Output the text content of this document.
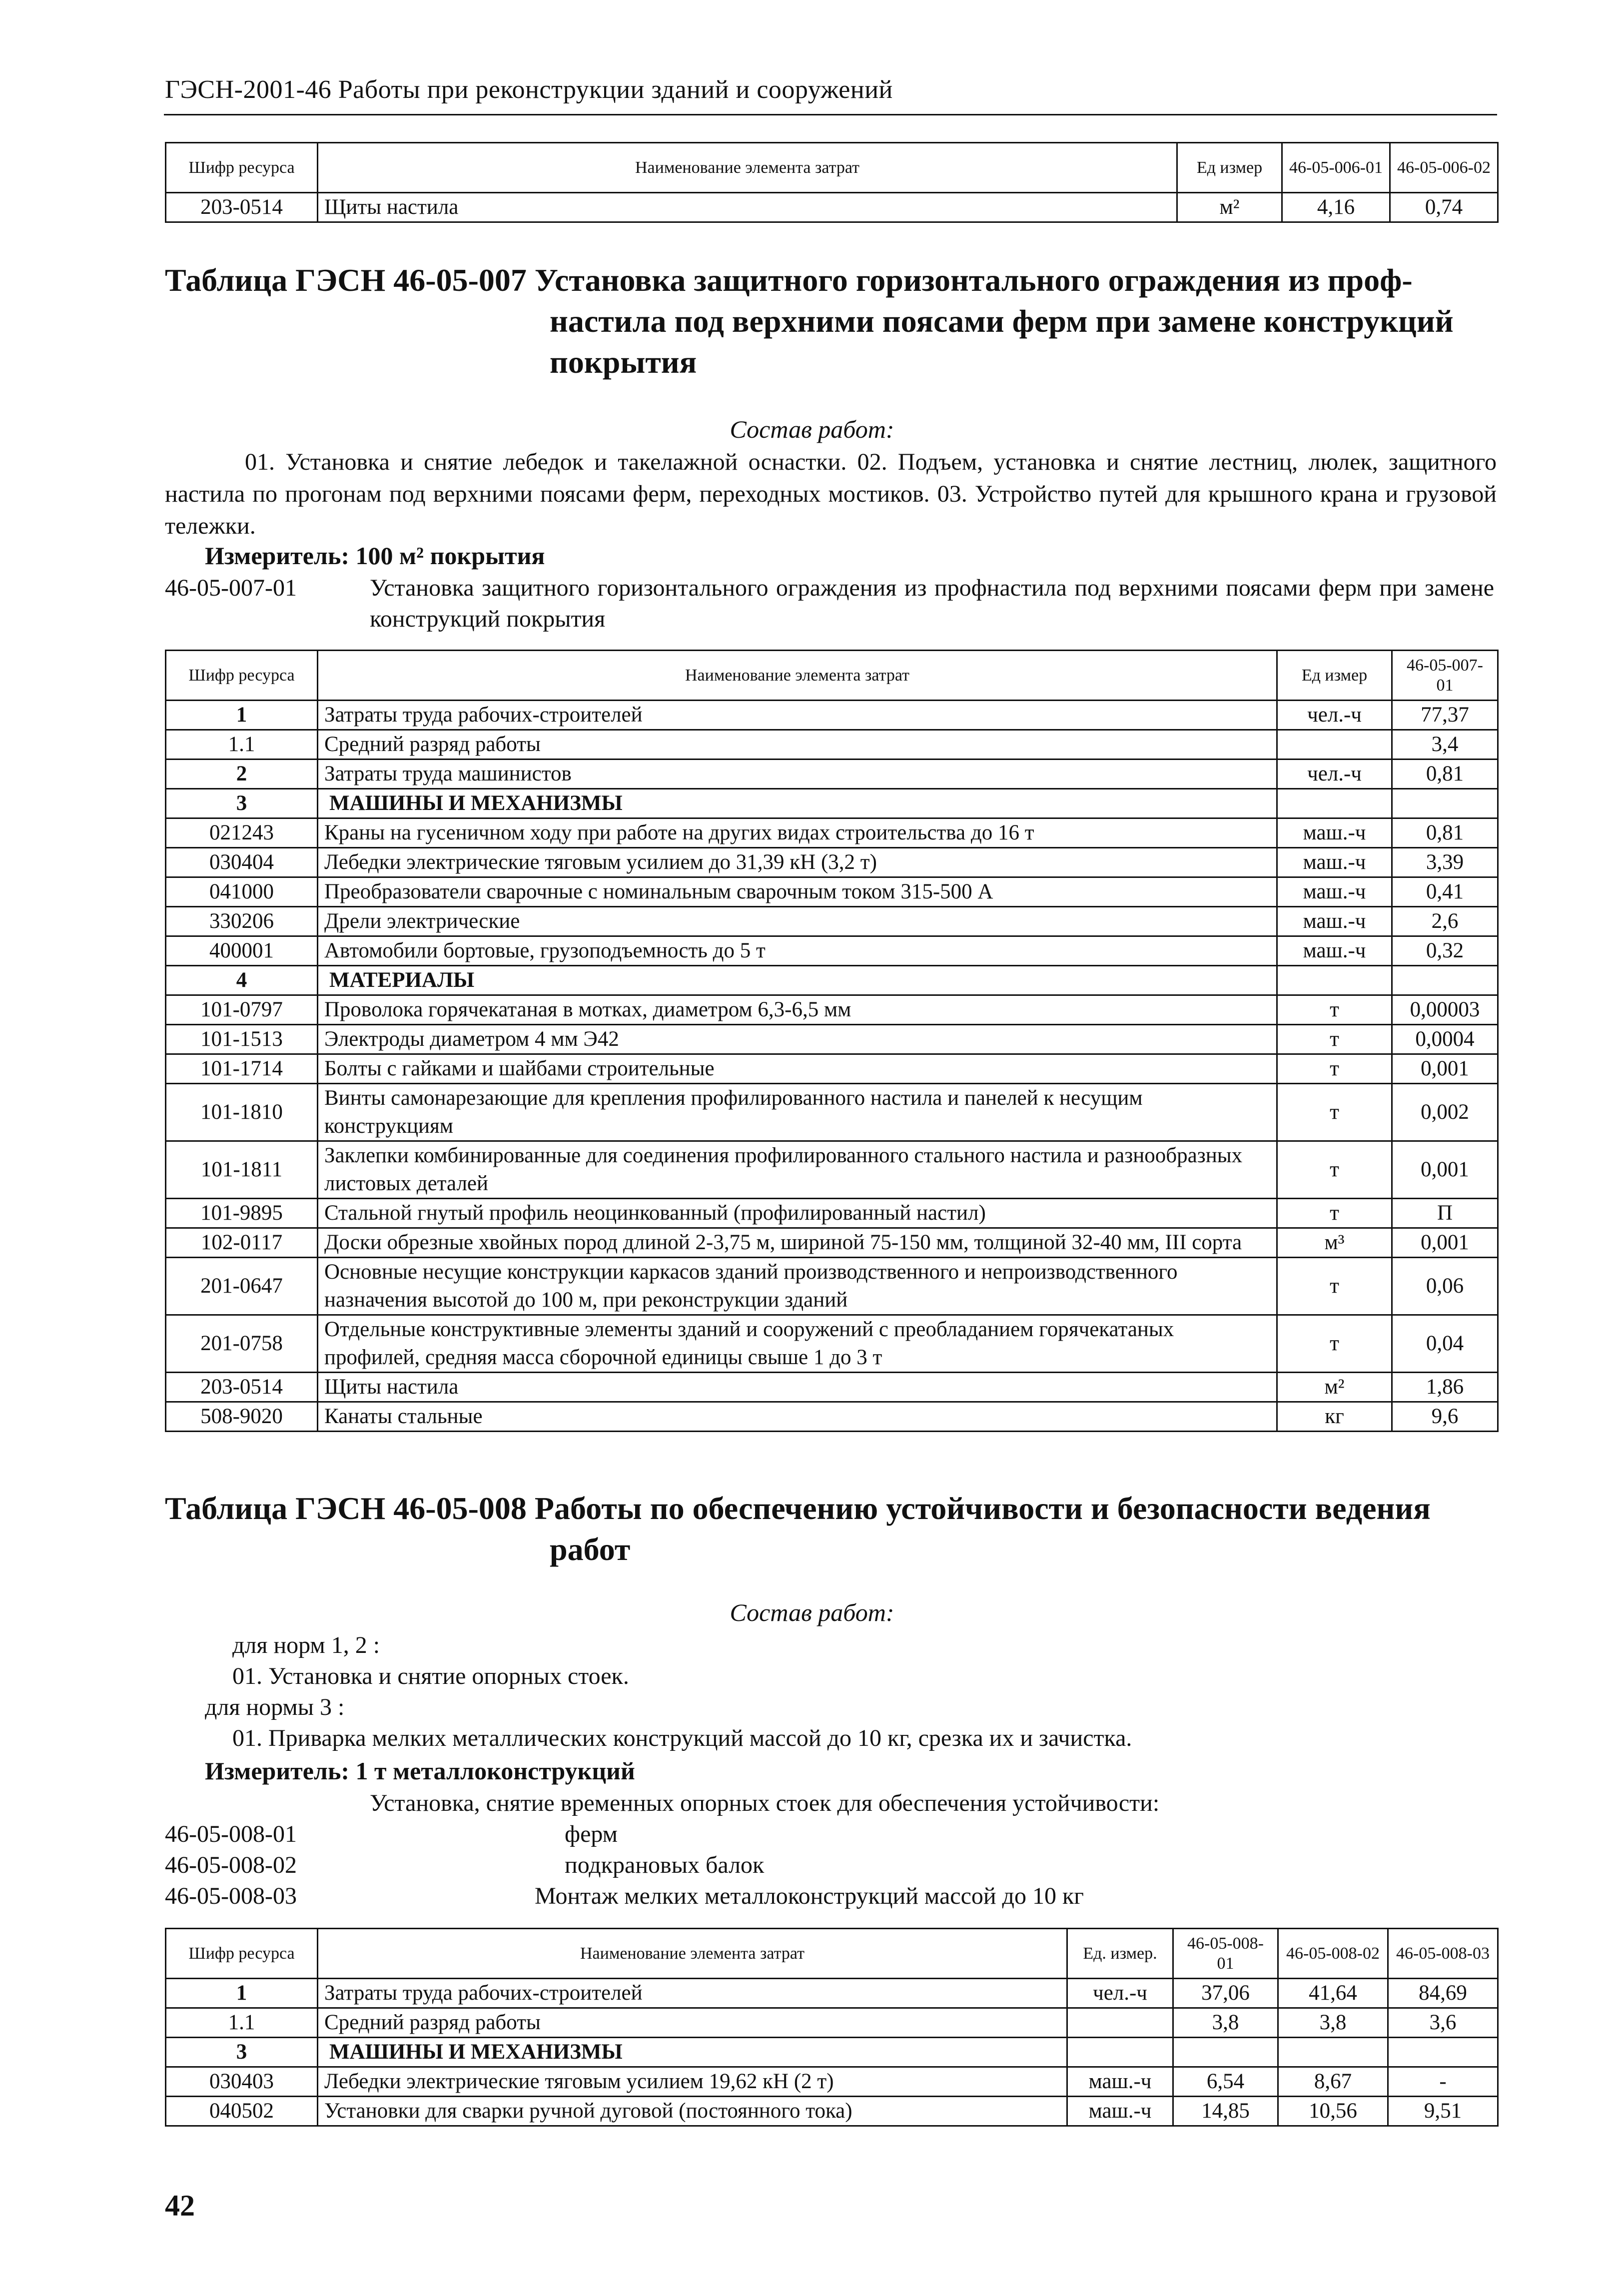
ГЭСН-2001-46 Работы при реконструкции зданий и сооружений
Шифр ресурса	Наименование элемента затрат	Ед измер	46-05-006-01	46-05-006-02
203-0514	Щиты настила	м²	4,16	0,74
Таблица ГЭСН 46-05-007 Установка защитного горизонтального ограждения из проф-
настила под верхними поясами ферм при замене конструкций
покрытия
Состав работ:
01. Установка и снятие лебедок и такелажной оснастки. 02. Подъем, установка и снятие лестниц, люлек, защитного настила по прогонам под верхними поясами ферм, переходных мостиков. 03. Устройство путей для крышного крана и грузовой тележки.
Измеритель: 100 м² покрытия
46-05-007-01	Установка защитного горизонтального ограждения из профнастила под верхними поясами ферм при замене конструкций покрытия
Шифр ресурса	Наименование элемента затрат	Ед измер	46-05-007-01
1	Затраты труда рабочих-строителей	чел.-ч	77,37
1.1	Средний разряд работы		3,4
2	Затраты труда машинистов	чел.-ч	0,81
3	МАШИНЫ И МЕХАНИЗМЫ		
021243	Краны на гусеничном ходу при работе на других видах строительства до 16 т	маш.-ч	0,81
030404	Лебедки электрические тяговым усилием до 31,39 кН (3,2 т)	маш.-ч	3,39
041000	Преобразователи сварочные с номинальным сварочным током 315-500 А	маш.-ч	0,41
330206	Дрели электрические	маш.-ч	2,6
400001	Автомобили бортовые, грузоподъемность до 5 т	маш.-ч	0,32
4	МАТЕРИАЛЫ		
101-0797	Проволока горячекатаная в мотках, диаметром 6,3-6,5 мм	т	0,00003
101-1513	Электроды диаметром 4 мм Э42	т	0,0004
101-1714	Болты с гайками и шайбами строительные	т	0,001
101-1810	Винты самонарезающие для крепления профилированного настила и панелей к несущим конструкциям	т	0,002
101-1811	Заклепки комбинированные для соединения профилированного стального настила и разнообразных листовых деталей	т	0,001
101-9895	Стальной гнутый профиль неоцинкованный (профилированный настил)	т	П
102-0117	Доски обрезные хвойных пород длиной 2-3,75 м, шириной 75-150 мм, толщиной 32-40 мм, III сорта	м³	0,001
201-0647	Основные несущие конструкции каркасов зданий производственного и непроизводственного назначения высотой до 100 м, при реконструкции зданий	т	0,06
201-0758	Отдельные конструктивные элементы зданий и сооружений с преобладанием горячекатаных профилей, средняя масса сборочной единицы свыше 1 до 3 т	т	0,04
203-0514	Щиты настила	м²	1,86
508-9020	Канаты стальные	кг	9,6
Таблица ГЭСН 46-05-008 Работы по обеспечению устойчивости и безопасности ведения
работ
Состав работ:
для норм 1, 2 :
01. Установка и снятие опорных стоек.
для нормы 3 :
01. Приварка мелких металлических конструкций массой до 10 кг, срезка их и зачистка.
Измеритель: 1 т металлоконструкций
Установка, снятие временных опорных стоек для обеспечения устойчивости:
46-05-008-01	ферм
46-05-008-02	подкрановых балок
46-05-008-03	Монтаж мелких металлоконструкций массой до 10 кг
Шифр ресурса	Наименование элемента затрат	Ед. измер.	46-05-008-01	46-05-008-02	46-05-008-03
1	Затраты труда рабочих-строителей	чел.-ч	37,06	41,64	84,69
1.1	Средний разряд работы		3,8	3,8	3,6
3	МАШИНЫ И МЕХАНИЗМЫ				
030403	Лебедки электрические тяговым усилием 19,62 кН (2 т)	маш.-ч	6,54	8,67	-
040502	Установки для сварки ручной дуговой (постоянного тока)	маш.-ч	14,85	10,56	9,51
42
